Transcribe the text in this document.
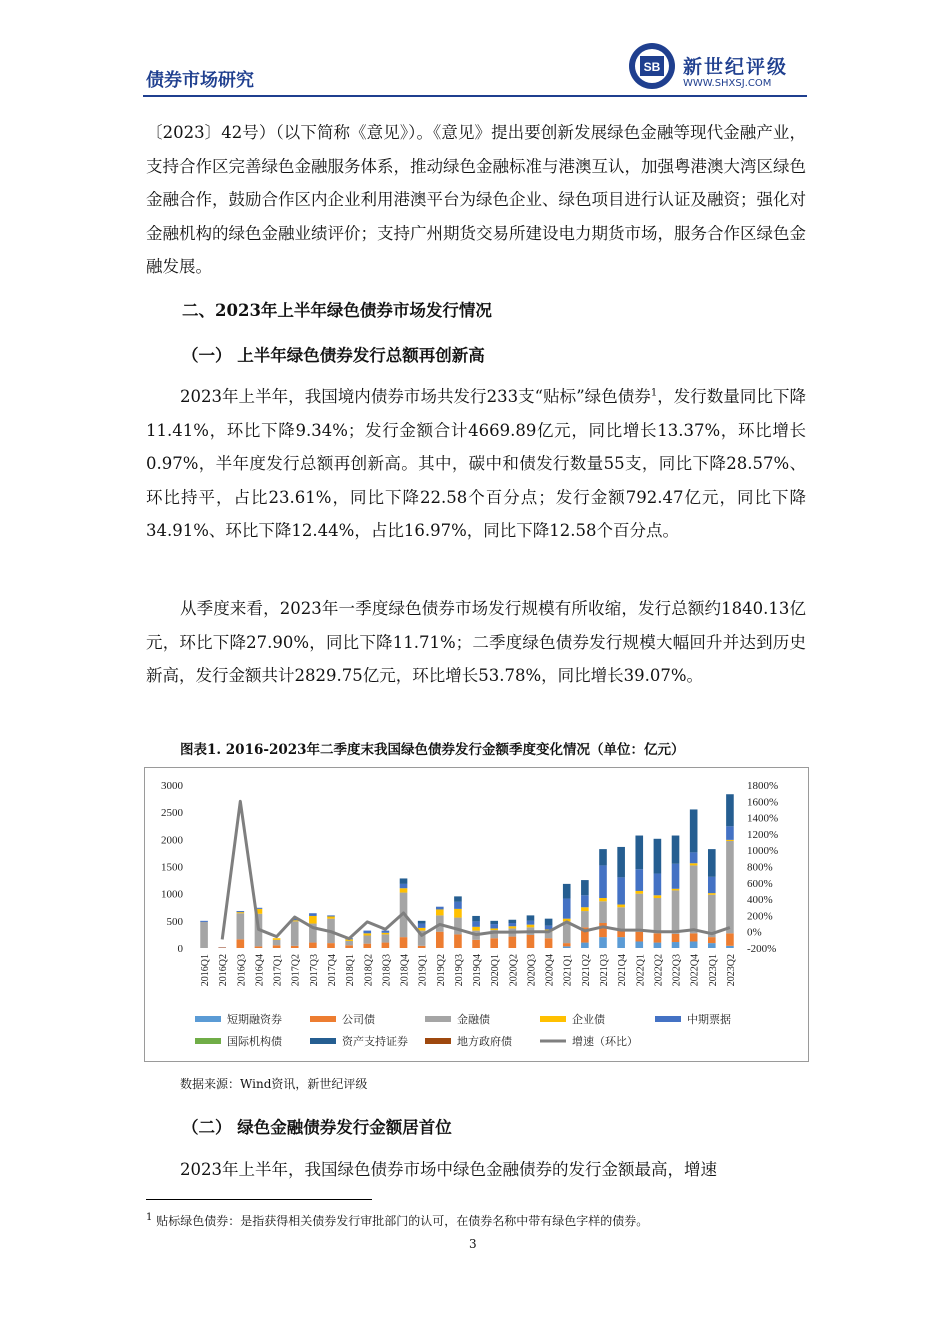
债券市场研究
SB 新世纪评级
WWW.SHXSJ.COM
〔2023〕42号）（以下简称《意见》）。《意见》提出要创新发展绿色金融等现代金融产业，支持合作区完善绿色金融服务体系，推动绿色金融标准与港澳互认，加强粤港澳大湾区绿色金融合作，鼓励合作区内企业利用港澳平台为绿色企业、绿色项目进行认证及融资；强化对金融机构的绿色金融业绩评价；支持广州期货交易所建设电力期货市场，服务合作区绿色金融发展。
二、2023年上半年绿色债券市场发行情况
（一） 上半年绿色债券发行总额再创新高
2023年上半年，我国境内债券市场共发行233支“贴标”绿色债券$^1$，发行数量同比下降11.41%，环比下降9.34%；发行金额合计4669.89亿元，同比增长13.37%，环比增长0.97%，半年度发行总额再创新高。其中，碳中和债发行数量55支，同比下降28.57%、环比持平，占比23.61%，同比下降22.58个百分点；发行金额792.47亿元，同比下降34.91%、环比下降12.44%，占比16.97%，同比下降12.58个百分点。
从季度来看，2023年一季度绿色债券市场发行规模有所收缩，发行总额约1840.13亿元，环比下降27.90%，同比下降11.71%；二季度绿色债券发行规模大幅回升并达到历史新高，发行金额共计2829.75亿元，环比增长53.78%，同比增长39.07%。
图表1. 2016-2023年二季度末我国绿色债券发行金额季度变化情况（单位：亿元）
0
500
1000
1500
2000
2500
3000
-200%
0%
200%
400%
600%
800%
1000%
1200%
1400%
1600%
1800%
2016Q1 2016Q2 2016Q3 2016Q4 2017Q1 2017Q2 2017Q3 2017Q4 2018Q1 2018Q2 2018Q3 2018Q4 2019Q1 2019Q2 2019Q3 2019Q4 2020Q1 2020Q2 2020Q3 2020Q4 2021Q1 2021Q2 2021Q3 2021Q4 2022Q1 2022Q2 2022Q3 2022Q4 2023Q1 2023Q2
短期融资券	公司债	金融债	企业债	中期票据
国际机构债	资产支持证券	地方政府债	增速（环比）
数据来源：Wind资讯，新世纪评级
（二） 绿色金融债券发行金额居首位
2023年上半年，我国绿色债券市场中绿色金融债券的发行金额最高，增速
$^1$ 贴标绿色债券：是指获得相关债券发行审批部门的认可，在债券名称中带有绿色字样的债券。
3
